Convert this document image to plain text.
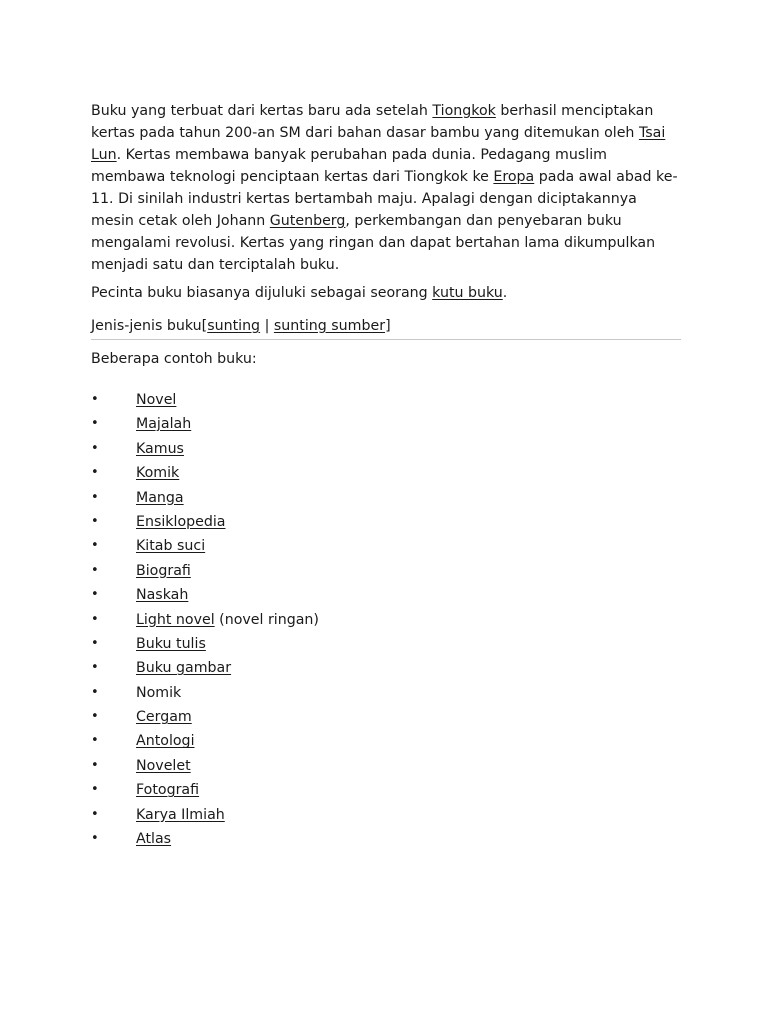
Buku yang terbuat dari kertas baru ada setelah Tiongkok berhasil menciptakan kertas pada tahun 200-an SM dari bahan dasar bambu yang ditemukan oleh Tsai Lun. Kertas membawa banyak perubahan pada dunia. Pedagang muslim membawa teknologi penciptaan kertas dari Tiongkok ke Eropa pada awal abad ke-11. Di sinilah industri kertas bertambah maju. Apalagi dengan diciptakannya mesin cetak oleh Johann Gutenberg, perkembangan dan penyebaran buku mengalami revolusi. Kertas yang ringan dan dapat bertahan lama dikumpulkan menjadi satu dan terciptalah buku.

Pecinta buku biasanya dijuluki sebagai seorang kutu buku.

Jenis-jenis buku[sunting | sunting sumber]
Beberapa contoh buku:
•	Novel
•	Majalah
•	Kamus
•	Komik
•	Manga
•	Ensiklopedia
•	Kitab suci
•	Biografi
•	Naskah
•	Light novel (novel ringan)
•	Buku tulis
•	Buku gambar
•	Nomik
•	Cergam
•	Antologi
•	Novelet
•	Fotografi
•	Karya Ilmiah
•	Atlas
